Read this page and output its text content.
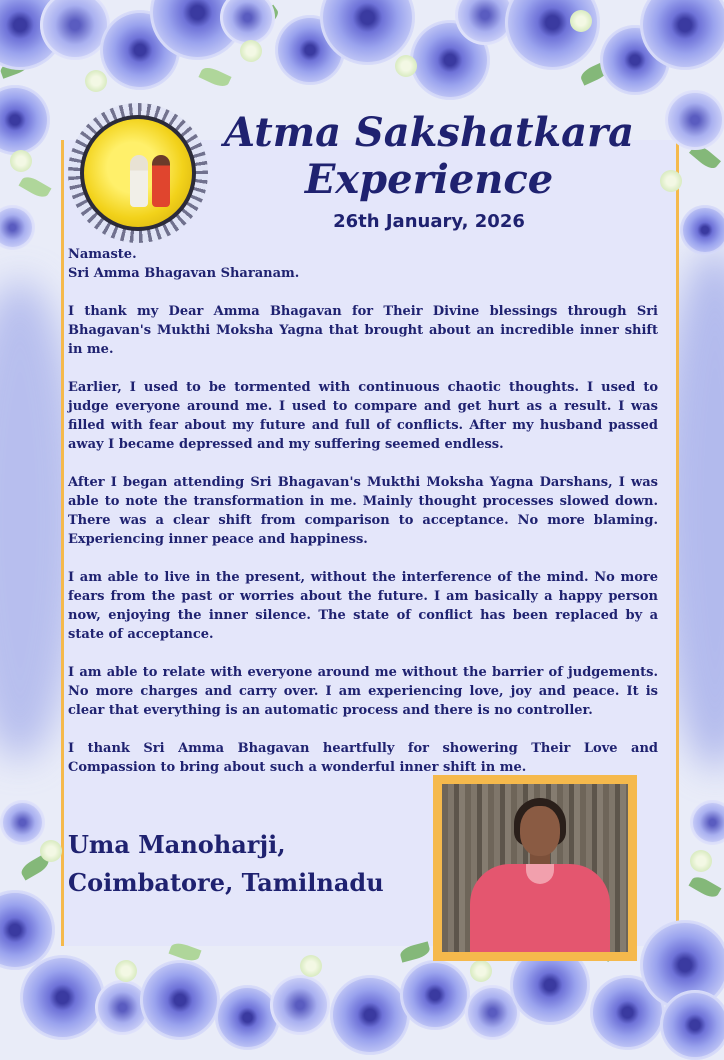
Atma Sakshatkara
Experience
26th January, 2026

Namaste.

Sri Amma Bhagavan Sharanam.

I thank my Dear Amma Bhagavan for Their Divine blessings through Sri Bhagavan's Mukthi Moksha Yagna that brought about an incredible inner shift in me.

Earlier, I used to be tormented with continuous chaotic thoughts. I used to judge everyone around me. I used to compare and get hurt as a result. I was filled with fear about my future and full of conflicts. After my husband passed away I became depressed and my suffering seemed endless.

After I began attending Sri Bhagavan's Mukthi Moksha Yagna Darshans, I was able to note the transformation in me. Mainly thought processes slowed down. There was a clear shift from comparison to acceptance. No more blaming. Experiencing inner peace and happiness.

I am able to live in the present, without the interference of the mind. No more fears from the past or worries about the future. I am basically a happy person now, enjoying the inner silence. The state of conflict has been replaced by a state of acceptance.

I am able to relate with everyone around me without the barrier of judgements. No more charges and carry over. I am experiencing love, joy and peace. It is clear that everything is an automatic process and there is no controller.

I thank Sri Amma Bhagavan heartfully for showering Their Love and Compassion to bring about such a wonderful inner shift in me.

Uma Manoharji,
Coimbatore, Tamilnadu
